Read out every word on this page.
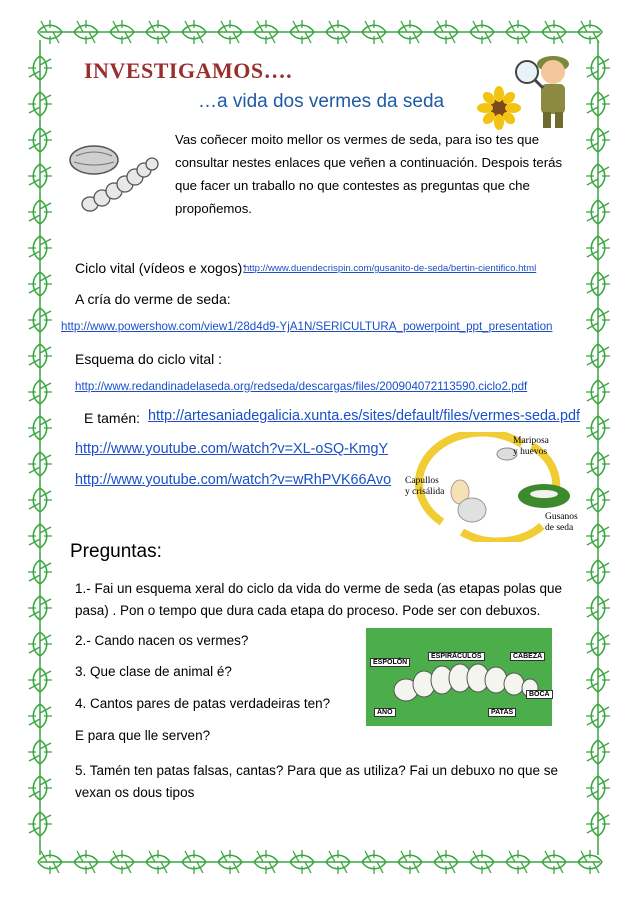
INVESTIGAMOS….
…a vida dos vermes da seda
Vas coñecer moito mellor os vermes de seda, para iso tes que consultar nestes enlaces que veñen a continuación. Despois terás que facer un traballo no que contestes as preguntas que che propoñemos.
Ciclo vital (vídeos e xogos):
http://www.duendecrispin.com/gusanito-de-seda/bertin-cientifico.html
A cría do verme de seda:
http://www.powershow.com/view1/28d4d9-YjA1N/SERICULTURA_powerpoint_ppt_presentation
Esquema do ciclo vital :
http://www.redandinadelaseda.org/redseda/descargas/files/200904072113590.ciclo2.pdf
E tamén: http://artesaniadegalicia.xunta.es/sites/default/files/vermes-seda.pdf
http://www.youtube.com/watch?v=XL-oSQ-KmgY
http://www.youtube.com/watch?v=wRhPVK66Avo
Mariposa
y huevos
Capullos
y crisálida
Gusanos
de seda
Preguntas:
1.- Fai un esquema xeral do ciclo da vida do verme de seda (as etapas polas que pasa) . Pon o tempo que dura cada etapa do proceso. Pode ser con debuxos.
2.- Cando nacen os vermes?
3. Que clase de animal é?
4. Cantos pares de patas verdadeiras ten?
E para que lle serven?
5. Tamén ten patas falsas, cantas? Para que as utiliza? Fai un debuxo no que se vexan os dous tipos
ESPOLÓN
ESPIRÁCULOS	CABEZA
ANO	PATAS
BOCA
